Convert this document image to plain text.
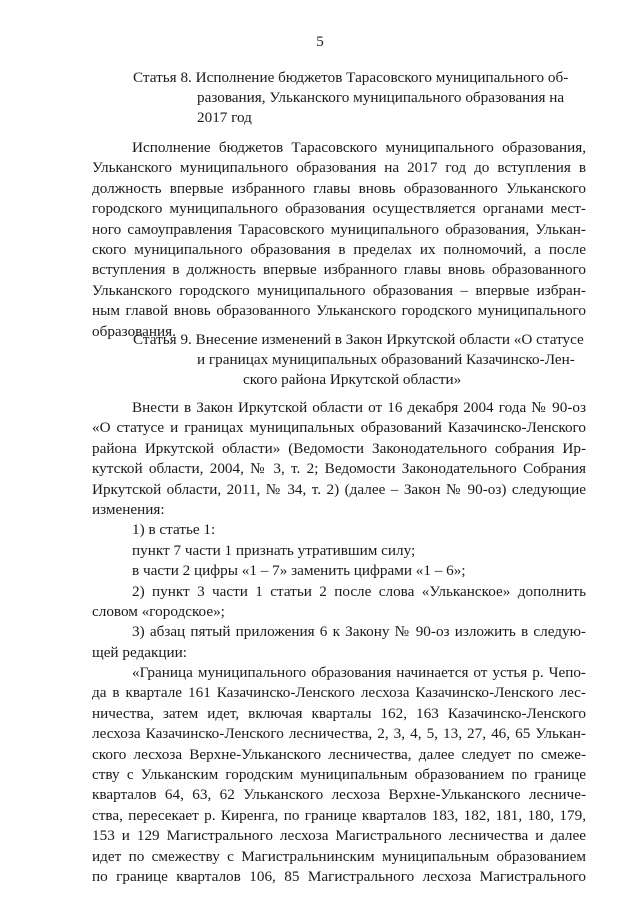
5
Статья 8. Исполнение бюджетов Тарасовского муниципального об-
разования, Ульканского муниципального образования на
2017 год
Исполнение бюджетов Тарасовского муниципального образования,
Ульканского муниципального образования на 2017 год до вступления в
должность впервые избранного главы вновь образованного Ульканского
городского муниципального образования осуществляется органами мест-
ного самоуправления Тарасовского муниципального образования, Улькан-
ского муниципального образования в пределах их полномочий, а после
вступления в должность впервые избранного главы вновь образованного
Ульканского городского муниципального образования – впервые избран-
ным главой вновь образованного Ульканского городского муниципального
образования.
Статья 9. Внесение изменений в Закон Иркутской области «О статусе
и границах муниципальных образований Казачинско-Лен-
ского района Иркутской области»
Внести в Закон Иркутской области от 16 декабря 2004 года № 90-оз
«О статусе и границах муниципальных образований Казачинско-Ленского
района Иркутской области» (Ведомости Законодательного собрания Ир-
кутской области, 2004, № 3, т. 2; Ведомости Законодательного Собрания
Иркутской области, 2011, № 34, т. 2) (далее – Закон № 90-оз) следующие
изменения:
1) в статье 1:
пункт 7 части 1 признать утратившим силу;
в части 2 цифры «1 – 7» заменить цифрами «1 – 6»;
2) пункт 3 части 1 статьи 2 после слова «Ульканское» дополнить
словом «городское»;
3) абзац пятый приложения 6 к Закону № 90-оз изложить в следую-
щей редакции:
«Граница муниципального образования начинается от устья р. Чепо-
да в квартале 161 Казачинско-Ленского лесхоза Казачинско-Ленского лес-
ничества, затем идет, включая кварталы 162, 163 Казачинско-Ленского
лесхоза Казачинско-Ленского лесничества, 2, 3, 4, 5, 13, 27, 46, 65 Улькан-
ского лесхоза Верхне-Ульканского лесничества, далее следует по смеже-
ству с Ульканским городским муниципальным образованием по границе
кварталов 64, 63, 62 Ульканского лесхоза Верхне-Ульканского лесниче-
ства, пересекает р. Киренга, по границе кварталов 183, 182, 181, 180, 179,
153 и 129 Магистрального лесхоза Магистрального лесничества и далее
идет по смежеству с Магистральнинским муниципальным образованием
по границе кварталов 106, 85 Магистрального лесхоза Магистрального
